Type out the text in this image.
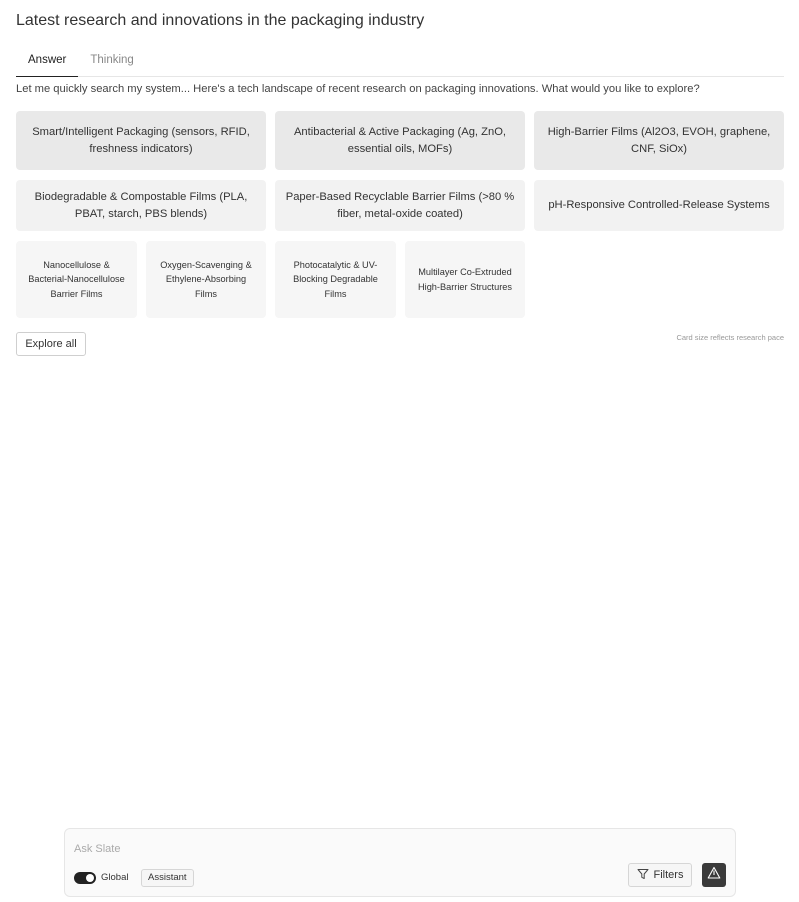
Latest research and innovations in the packaging industry
Answer	Thinking

Let me quickly search my system... Here's a tech landscape of recent research on packaging innovations. What would you like to explore?

Smart/Intelligent Packaging (sensors, RFID, freshness indicators)
Antibacterial & Active Packaging (Ag, ZnO, essential oils, MOFs)
High-Barrier Films (Al2O3, EVOH, graphene, CNF, SiOx)
Biodegradable & Compostable Films (PLA, PBAT, starch, PBS blends)
Paper-Based Recyclable Barrier Films (>80 % fiber, metal-oxide coated)
pH-Responsive Controlled-Release Systems
Nanocellulose & Bacterial-Nanocellulose Barrier Films
Oxygen-Scavenging & Ethylene-Absorbing Films
Photocatalytic & UV-Blocking Degradable Films
Multilayer Co-Extruded High-Barrier Structures
Explore all
Card size reflects research pace
Ask Slate
Global	Assistant	Filters
